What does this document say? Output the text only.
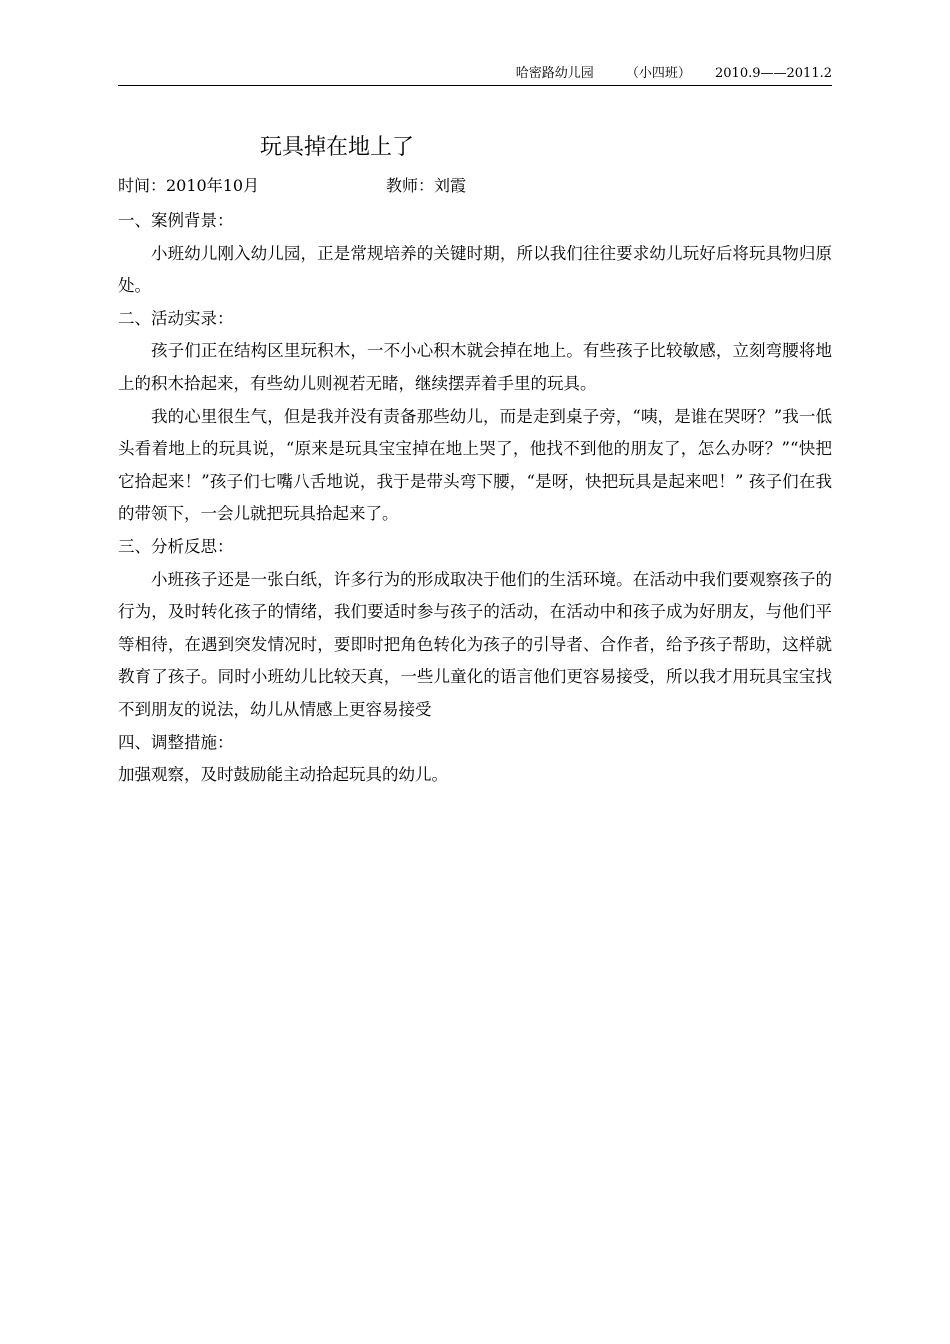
哈密路幼儿园 （小四班） 2010.9——2011.2
玩具掉在地上了
时间：2010年10月	教师：刘霞

一、案例背景：

小班幼儿刚入幼儿园，正是常规培养的关键时期，所以我们往往要求幼儿玩好后将玩具物归原处。

二、活动实录：

孩子们正在结构区里玩积木，一不小心积木就会掉在地上。有些孩子比较敏感，立刻弯腰将地上的积木拾起来，有些幼儿则视若无睹，继续摆弄着手里的玩具。

我的心里很生气，但是我并没有责备那些幼儿，而是走到桌子旁，“咦，是谁在哭呀？”我一低头看着地上的玩具说，“原来是玩具宝宝掉在地上哭了，他找不到他的朋友了，怎么办呀？”“快把它拾起来！”孩子们七嘴八舌地说，我于是带头弯下腰，“是呀，快把玩具是起来吧！” 孩子们在我的带领下，一会儿就把玩具拾起来了。

三、分析反思：

小班孩子还是一张白纸，许多行为的形成取决于他们的生活环境。在活动中我们要观察孩子的行为，及时转化孩子的情绪，我们要适时参与孩子的活动，在活动中和孩子成为好朋友，与他们平等相待，在遇到突发情况时，要即时把角色转化为孩子的引导者、合作者，给予孩子帮助，这样就教育了孩子。同时小班幼儿比较天真，一些儿童化的语言他们更容易接受，所以我才用玩具宝宝找不到朋友的说法，幼儿从情感上更容易接受

四、调整措施：

加强观察，及时鼓励能主动拾起玩具的幼儿。
